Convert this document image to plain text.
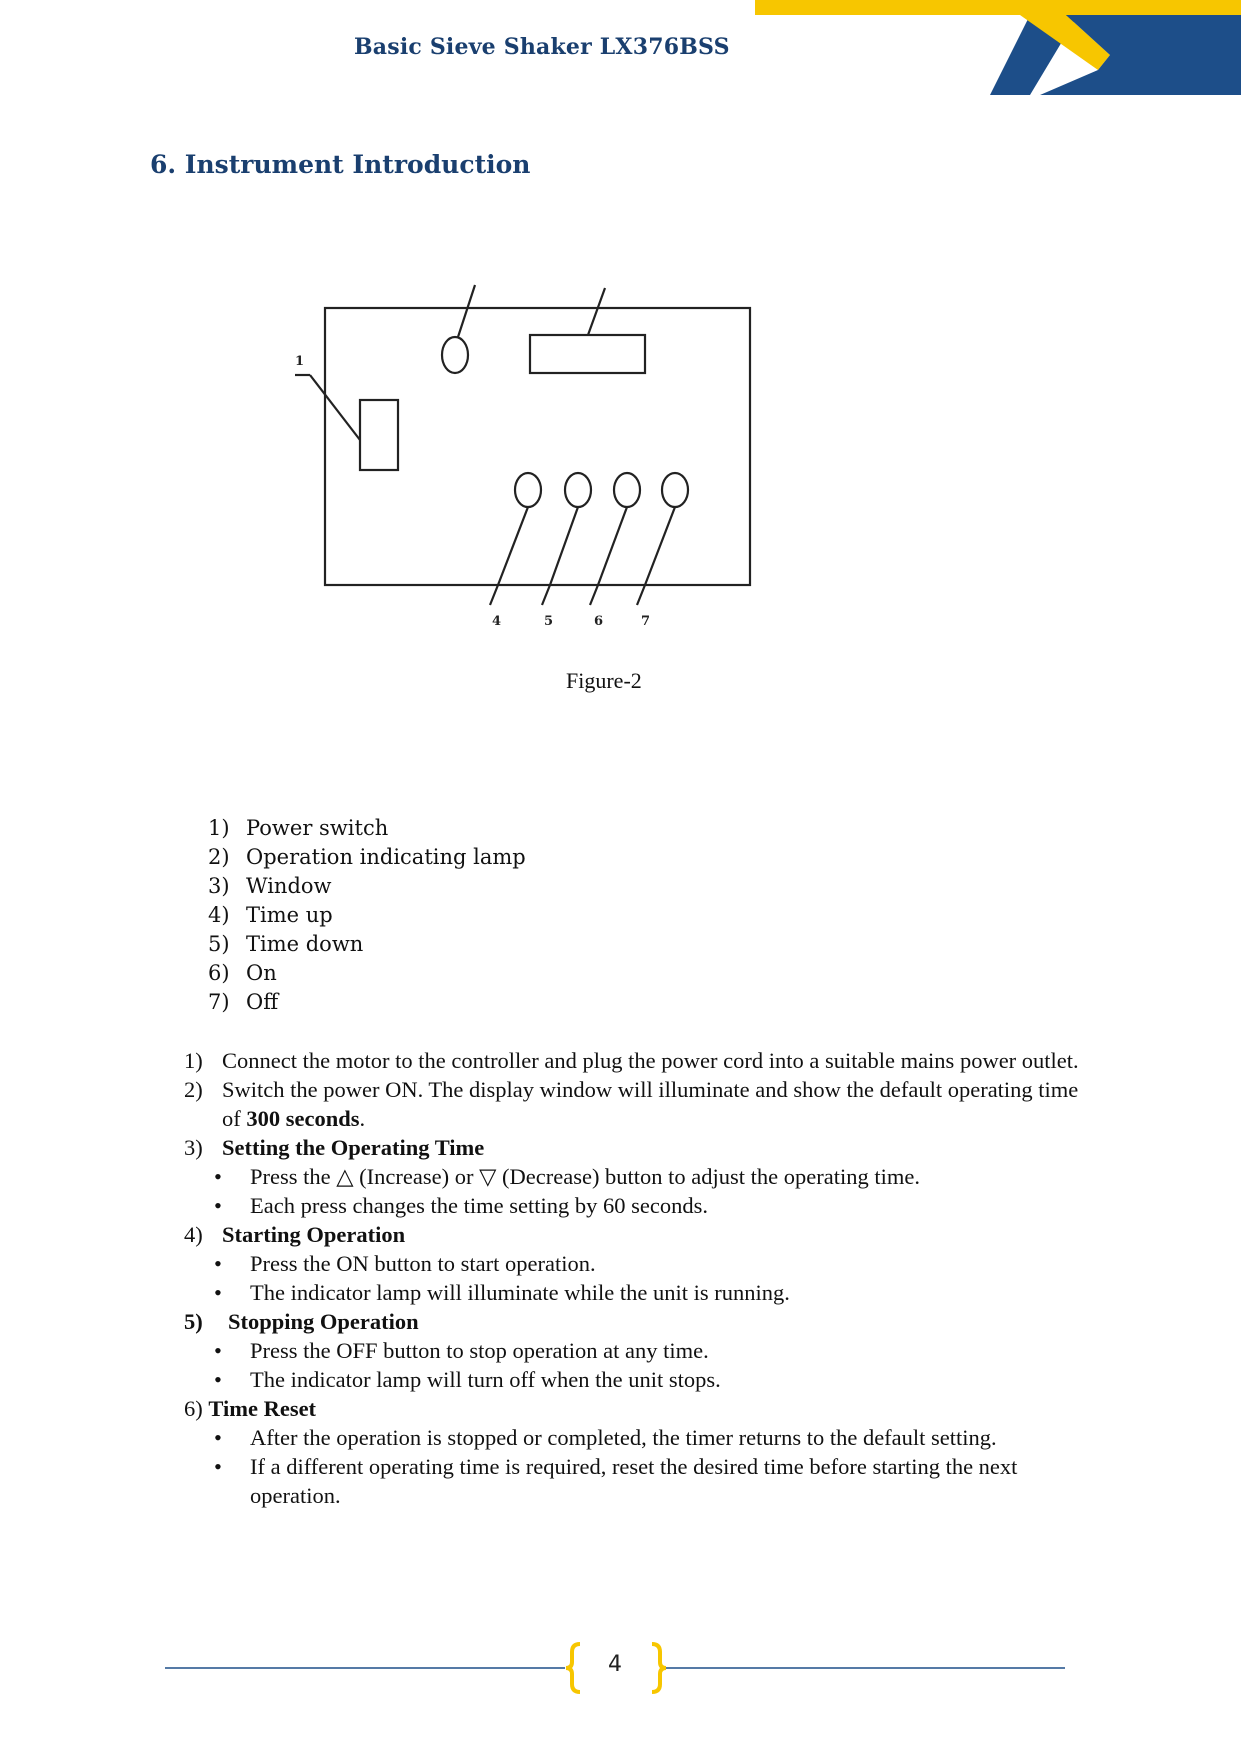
Basic Sieve Shaker LX376BSS
6. Instrument Introduction
1
4	5	6	7
Figure-2
1) Power switch
2) Operation indicating lamp
3) Window
4) Time up
5) Time down
6) On
7) Off
1) Connect the motor to the controller and plug the power cord into a suitable mains power outlet.
2) Switch the power ON. The display window will illuminate and show the default operating time of 300 seconds.
3) Setting the Operating Time
•	Press the △ (Increase) or ▽ (Decrease) button to adjust the operating time.
•	Each press changes the time setting by 60 seconds.
4) Starting Operation
•	Press the ON button to start operation.
•	The indicator lamp will illuminate while the unit is running.
5)	Stopping Operation
•	Press the OFF button to stop operation at any time.
•	The indicator lamp will turn off when the unit stops.
6)
Time Reset
•	After the operation is stopped or completed, the timer returns to the default setting.
•	If a different operating time is required, reset the desired time before starting the next operation.
4
